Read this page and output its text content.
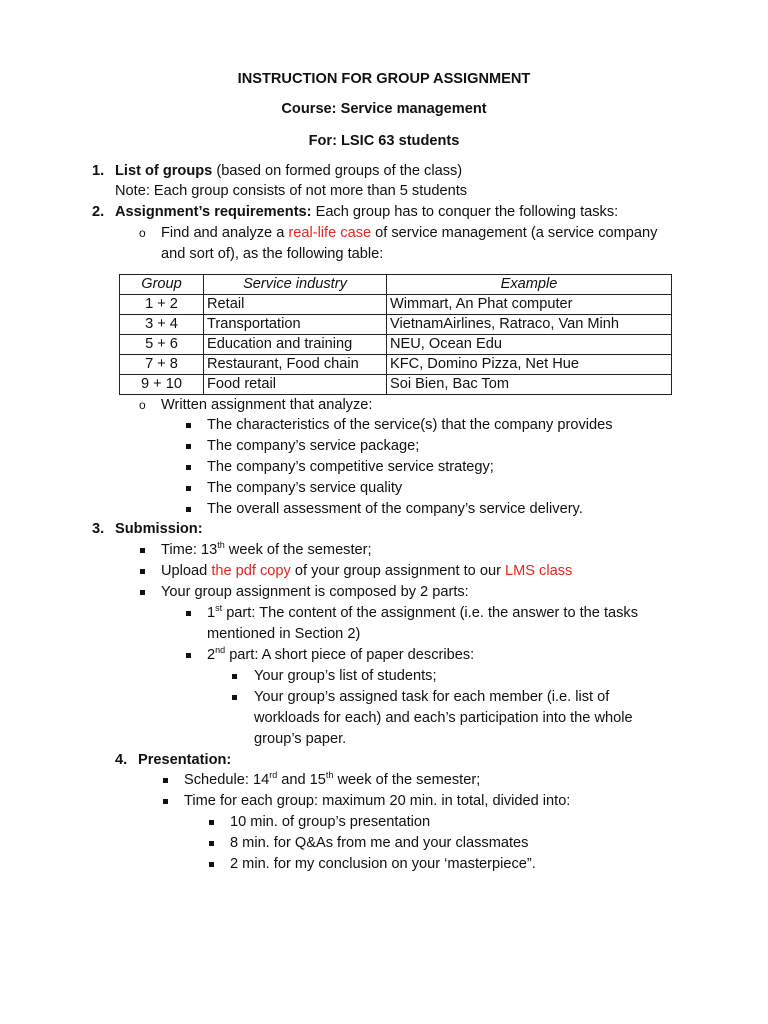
INSTRUCTION FOR GROUP ASSIGNMENT
Course: Service management
For: LSIC 63 students
1. List of groups (based on formed groups of the class)
Note: Each group consists of not more than 5 students
2. Assignment’s requirements: Each group has to conquer the following tasks:
o Find and analyze a real-life case of service management (a service company
and sort of), as the following table:
Group	Service industry	Example
1 + 2	Retail	Wimmart, An Phat computer
3 + 4	Transportation	VietnamAirlines, Ratraco, Van Minh
5 + 6	Education and training	NEU, Ocean Edu
7 + 8	Restaurant, Food chain	KFC, Domino Pizza, Net Hue
9 + 10	Food retail	Soi Bien, Bac Tom
o Written assignment that analyze:
The characteristics of the service(s) that the company provides
The company’s service package;
The company’s competitive service strategy;
The company’s service quality
The overall assessment of the company’s service delivery.
3. Submission:
Time: 13th week of the semester;
Upload the pdf copy of your group assignment to our LMS class
Your group assignment is composed by 2 parts:
1st part: The content of the assignment (i.e. the answer to the tasks
mentioned in Section 2)
2nd part: A short piece of paper describes:
Your group’s list of students;
Your group’s assigned task for each member (i.e. list of
workloads for each) and each’s participation into the whole
group’s paper.
4. Presentation:
Schedule: 14rd and 15th week of the semester;
Time for each group: maximum 20 min. in total, divided into:
10 min. of group’s presentation
8 min. for Q&As from me and your classmates
2 min. for my conclusion on your ‘masterpiece”.
